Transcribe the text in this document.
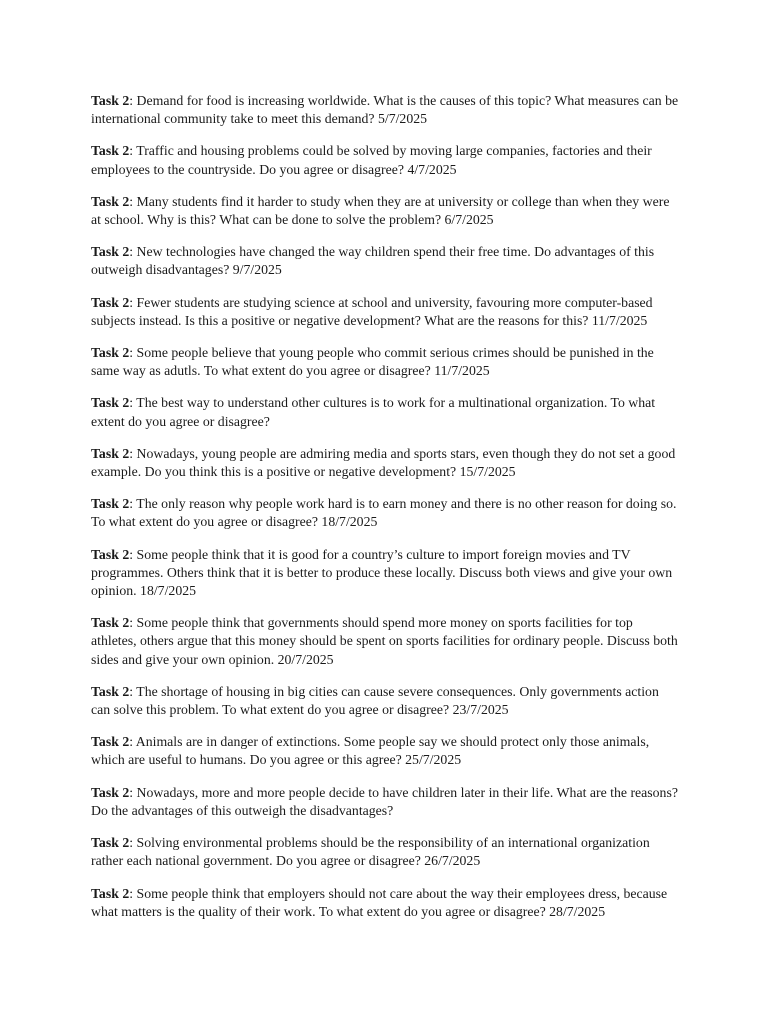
Task 2: Demand for food is increasing worldwide. What is the causes of this topic? What measures can be international community take to meet this demand? 5/7/2025

Task 2: Traffic and housing problems could be solved by moving large companies, factories and their employees to the countryside. Do you agree or disagree? 4/7/2025

Task 2: Many students find it harder to study when they are at university or college than when they were at school. Why is this? What can be done to solve the problem? 6/7/2025

Task 2: New technologies have changed the way children spend their free time. Do advantages of this outweigh disadvantages? 9/7/2025

Task 2: Fewer students are studying science at school and university, favouring more computer-based subjects instead. Is this a positive or negative development? What are the reasons for this? 11/7/2025

Task 2: Some people believe that young people who commit serious crimes should be punished in the same way as adutls. To what extent do you agree or disagree? 11/7/2025

Task 2: The best way to understand other cultures is to work for a multinational organization. To what extent do you agree or disagree?

Task 2: Nowadays, young people are admiring media and sports stars, even though they do not set a good example. Do you think this is a positive or negative development? 15/7/2025

Task 2: The only reason why people work hard is to earn money and there is no other reason for doing so. To what extent do you agree or disagree? 18/7/2025

Task 2: Some people think that it is good for a country’s culture to import foreign movies and TV programmes. Others think that it is better to produce these locally. Discuss both views and give your own opinion. 18/7/2025

Task 2: Some people think that governments should spend more money on sports facilities for top athletes, others argue that this money should be spent on sports facilities for ordinary people. Discuss both sides and give your own opinion. 20/7/2025

Task 2: The shortage of housing in big cities can cause severe consequences. Only governments action can solve this problem. To what extent do you agree or disagree? 23/7/2025

Task 2: Animals are in danger of extinctions. Some people say we should protect only those animals, which are useful to humans. Do you agree or this agree? 25/7/2025

Task 2: Nowadays, more and more people decide to have children later in their life. What are the reasons? Do the advantages of this outweigh the disadvantages?

Task 2: Solving environmental problems should be the responsibility of an international organization rather each national government. Do you agree or disagree? 26/7/2025

Task 2: Some people think that employers should not care about the way their employees dress, because what matters is the quality of their work. To what extent do you agree or disagree? 28/7/2025
